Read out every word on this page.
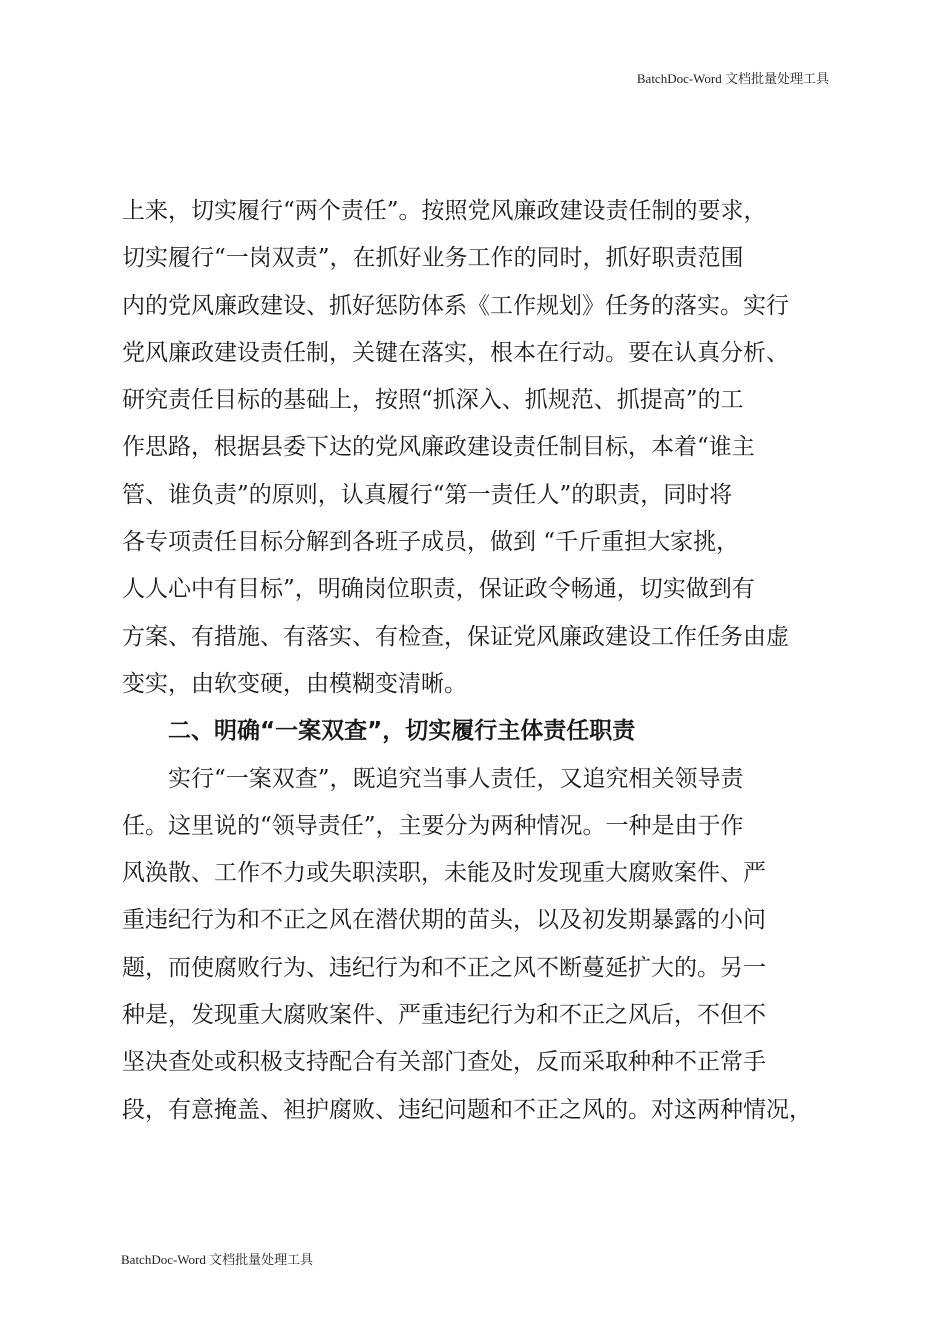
BatchDoc-Word 文档批量处理工具
上来，切实履行“两个责任”。按照党风廉政建设责任制的要求，
切实履行“一岗双责”，在抓好业务工作的同时，抓好职责范围
内的党风廉政建设、抓好惩防体系《工作规划》任务的落实。实行
党风廉政建设责任制，关键在落实，根本在行动。要在认真分析、
研究责任目标的基础上，按照“抓深入、抓规范、抓提高”的工
作思路，根据县委下达的党风廉政建设责任制目标，本着“谁主
管、谁负责”的原则，认真履行“第一责任人”的职责，同时将
各专项责任目标分解到各班子成员，做到 “千斤重担大家挑，
人人心中有目标”，明确岗位职责，保证政令畅通，切实做到有
方案、有措施、有落实、有检查，保证党风廉政建设工作任务由虚
变实，由软变硬，由模糊变清晰。
二、明确“一案双查”，切实履行主体责任职责
实行“一案双查”，既追究当事人责任，又追究相关领导责
任。这里说的“领导责任”，主要分为两种情况。一种是由于作
风涣散、工作不力或失职渎职，未能及时发现重大腐败案件、严
重违纪行为和不正之风在潜伏期的苗头，以及初发期暴露的小问
题，而使腐败行为、违纪行为和不正之风不断蔓延扩大的。另一
种是，发现重大腐败案件、严重违纪行为和不正之风后，不但不
坚决查处或积极支持配合有关部门查处，反而采取种种不正常手
段，有意掩盖、袒护腐败、违纪问题和不正之风的。对这两种情况，
BatchDoc-Word 文档批量处理工具
